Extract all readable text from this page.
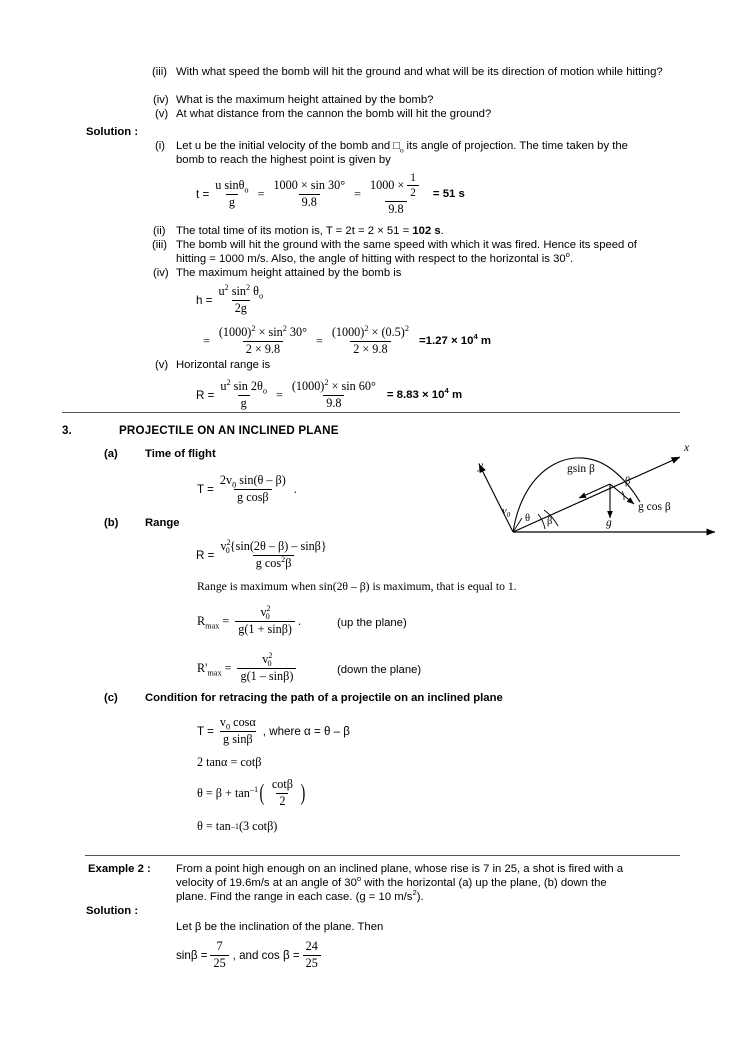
(iii) With what speed the bomb will hit the ground and what will be its direction of motion while hitting?
(iv) What is the maximum height attained by the bomb?
(v) At what distance from the cannon the bomb will hit the ground?
Solution :
(i) Let u be the initial velocity of the bomb and $□_o$ its angle of projection. The time taken by the
bomb to reach the highest point is given by
$t = \frac{u \sin\theta_o}{g} = \frac{1000 \times \sin 30^\circ}{9.8} = \frac{1000 \times \frac{1}{2}}{9.8} = 51$ s
(ii) The total time of its motion is, T = 2t = 2 × 51 = 102 s.
(iii) The bomb will hit the ground with the same speed with which it was fired. Hence its speed of
hitting = 1000 m/s. Also, the angle of hitting with respect to the horizontal is 30$^o$.
(iv) The maximum height attained by the bomb is
$h = \frac{u^2 \sin^2 \theta_o}{2g}$
= $\frac{(1000)^2 \times \sin^2 30^\circ}{2 \times 9.8} = \frac{(1000)^2 \times (0.5)^2}{2 \times 9.8} =1.27 \times 10^4$ m
(v) Horizontal range is
$R = \frac{u^2 \sin 2\theta_o}{g} = \frac{(1000)^2 \times \sin 60^\circ}{9.8} = 8.83 \times 10^4$ m
3.	PROJECTILE ON AN INCLINED PLANE
(a) Time of flight
$T = \frac{2v_0 \sin(\theta - \beta)}{\text{g cosβ}}$ .
x
y
$v_0$ θ β
gsin β
g cos β
g
β
(b) Range
$R = \frac{v^2_0\{\sin(2\theta - \beta) - \sin\beta\}}{g \cos^2\beta}$
Range is maximum when sin(2θ – β) is maximum, that is equal to 1.
$R_{max} = \frac{v^2_0}{g(1 + \sin\beta)}$ .	(up the plane)
$R'_{max} = \frac{v^2_0}{g(1 - \sin\beta)}$	(down the plane)
(c) Condition for retracing the path of a projectile on an inclined plane
$T = \frac{v_0 \cos\alpha}{\text{g sinβ}}$ , where α = θ – β
2 tanα = cotβ
$\theta = \beta + \tan^{-1}$ ( $\frac{\cot\beta}{2}$ )
θ = tan –1 (3 cotβ)
Example 2 : From a point high enough on an inclined plane, whose rise is 7 in 25, a shot is fired with a
velocity of 19.6m/s at an angle of 30$^o$ with the horizontal (a) up the plane, (b) down the
plane. Find the range in each case. (g = 10 $m/s^2$).
Solution :
Let β be the inclination of the plane. Then
$\sin\beta = \frac{7}{25}$ , and $\cos \beta = \frac{24}{25}$
